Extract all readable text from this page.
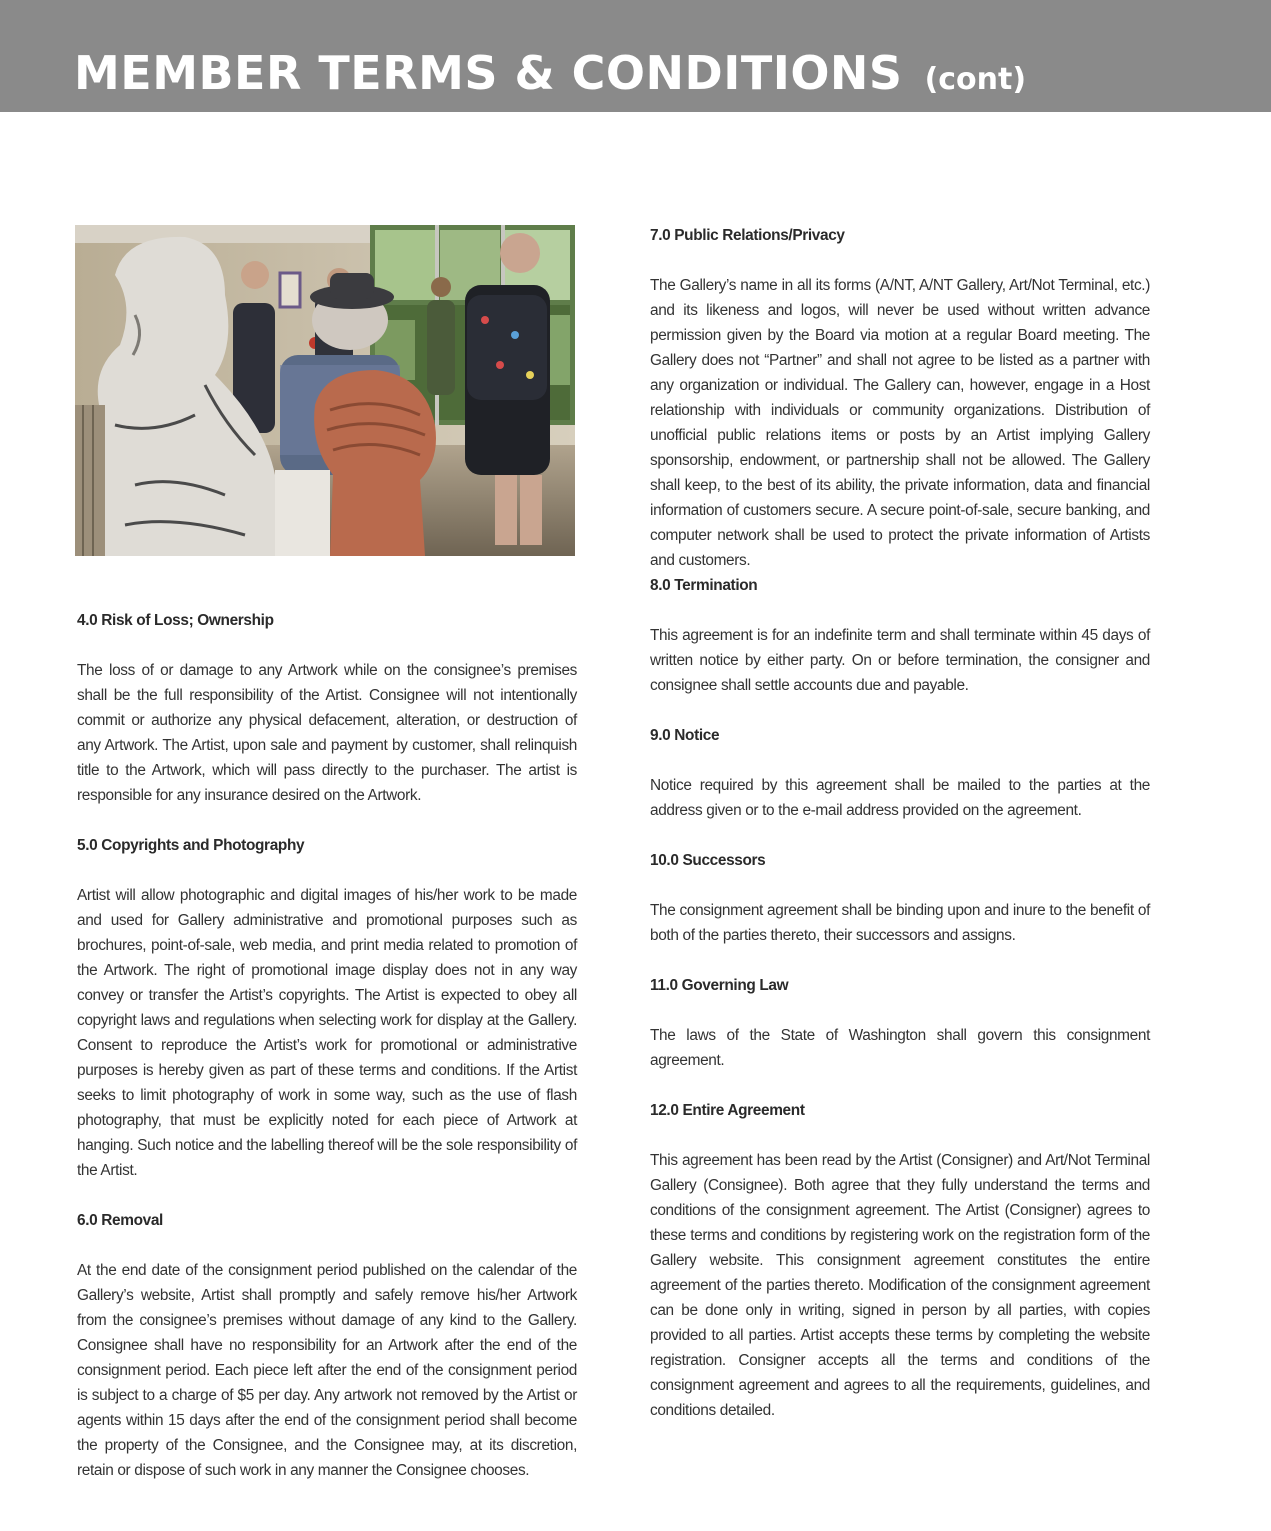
MEMBER TERMS & CONDITIONS (cont)
4.0 Risk of Loss; Ownership
The loss of or damage to any Artwork while on the consignee’s premises shall be the full responsibility of the Artist. Consignee will not intentionally commit or authorize any physical defacement, alteration, or destruction of any Artwork. The Artist, upon sale and payment by customer, shall relinquish title to the Artwork, which will pass directly to the purchaser. The artist is responsible for any insurance desired on the Artwork.
5.0 Copyrights and Photography
Artist will allow photographic and digital images of his/her work to be made and used for Gallery administrative and promotional purposes such as brochures, point-of-sale, web media, and print media related to promotion of the Artwork. The right of promotional image display does not in any way convey or transfer the Artist’s copyrights. The Artist is expected to obey all copyright laws and regulations when selecting work for display at the Gallery. Consent to reproduce the Artist’s work for promotional or administrative purposes is hereby given as part of these terms and conditions. If the Artist seeks to limit photography of work in some way, such as the use of flash photography, that must be explicitly noted for each piece of Artwork at hanging. Such notice and the labelling thereof will be the sole responsibility of the Artist.
6.0 Removal
At the end date of the consignment period published on the calendar of the Gallery’s website, Artist shall promptly and safely remove his/her Artwork from the consignee’s premises without damage of any kind to the Gallery. Consignee shall have no responsibility for an Artwork after the end of the consignment period. Each piece left after the end of the consignment period is subject to a charge of $5 per day. Any artwork not removed by the Artist or agents within 15 days after the end of the consignment period shall become the property of the Consignee, and the Consignee may, at its discretion, retain or dispose of such work in any manner the Consignee chooses.
7.0 Public Relations/Privacy
The Gallery’s name in all its forms (A/NT, A/NT Gallery, Art/Not Terminal, etc.) and its likeness and logos, will never be used without written advance permission given by the Board via motion at a regular Board meeting. The Gallery does not “Partner” and shall not agree to be listed as a partner with any organization or individual. The Gallery can, however, engage in a Host relationship with individuals or community organizations. Distribution of unofficial public relations items or posts by an Artist implying Gallery sponsorship, endowment, or partnership shall not be allowed. The Gallery shall keep, to the best of its ability, the private information, data and financial information of customers secure. A secure point-of-sale, secure banking, and computer network shall be used to protect the private information of Artists and customers.
8.0 Termination
This agreement is for an indefinite term and shall terminate within 45 days of written notice by either party. On or before termination, the consigner and consignee shall settle accounts due and payable.
9.0 Notice
Notice required by this agreement shall be mailed to the parties at the address given or to the e-mail address provided on the agreement.
10.0 Successors
The consignment agreement shall be binding upon and inure to the benefit of both of the parties thereto, their successors and assigns.
11.0 Governing Law
The laws of the State of Washington shall govern this consignment agreement.
12.0 Entire Agreement
This agreement has been read by the Artist (Consigner) and Art/Not Terminal Gallery (Consignee). Both agree that they fully understand the terms and conditions of the consignment agreement. The Artist (Consigner) agrees to these terms and conditions by registering work on the registration form of the Gallery website. This consignment agreement constitutes the entire agreement of the parties thereto. Modification of the consignment agreement can be done only in writing, signed in person by all parties, with copies provided to all parties. Artist accepts these terms by completing the website registration. Consigner accepts all the terms and conditions of the consignment agreement and agrees to all the requirements, guidelines, and conditions detailed.
